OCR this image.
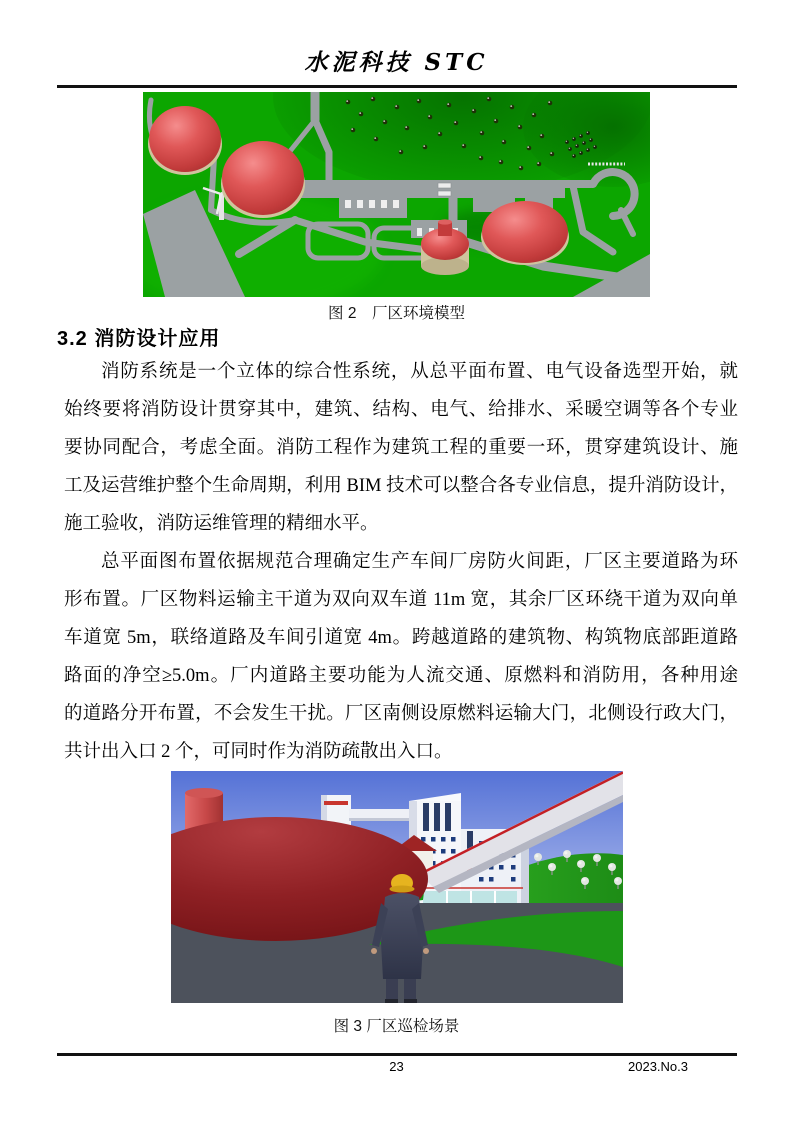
水泥科技 STC
图 2　厂区环境模型
3.2 消防设计应用
消防系统是一个立体的综合性系统，从总平面布置、电气设备选型开始，就
始终要将消防设计贯穿其中，建筑、结构、电气、给排水、采暖空调等各个专业
要协同配合，考虑全面。消防工程作为建筑工程的重要一环，贯穿建筑设计、施
工及运营维护整个生命周期，利用 BIM 技术可以整合各专业信息，提升消防设计，
施工验收，消防运维管理的精细水平。
总平面图布置依据规范合理确定生产车间厂房防火间距，厂区主要道路为环
形布置。厂区物料运输主干道为双向双车道 11m 宽，其余厂区环绕干道为双向单
车道宽 5m，联络道路及车间引道宽 4m。跨越道路的建筑物、构筑物底部距道路
路面的净空≥5.0m。厂内道路主要功能为人流交通、原燃料和消防用，各种用途
的道路分开布置，不会发生干扰。厂区南侧设原燃料运输大门，北侧设行政大门，
共计出入口 2 个，可同时作为消防疏散出入口。
图 3 厂区巡检场景
23	2023.No.3
